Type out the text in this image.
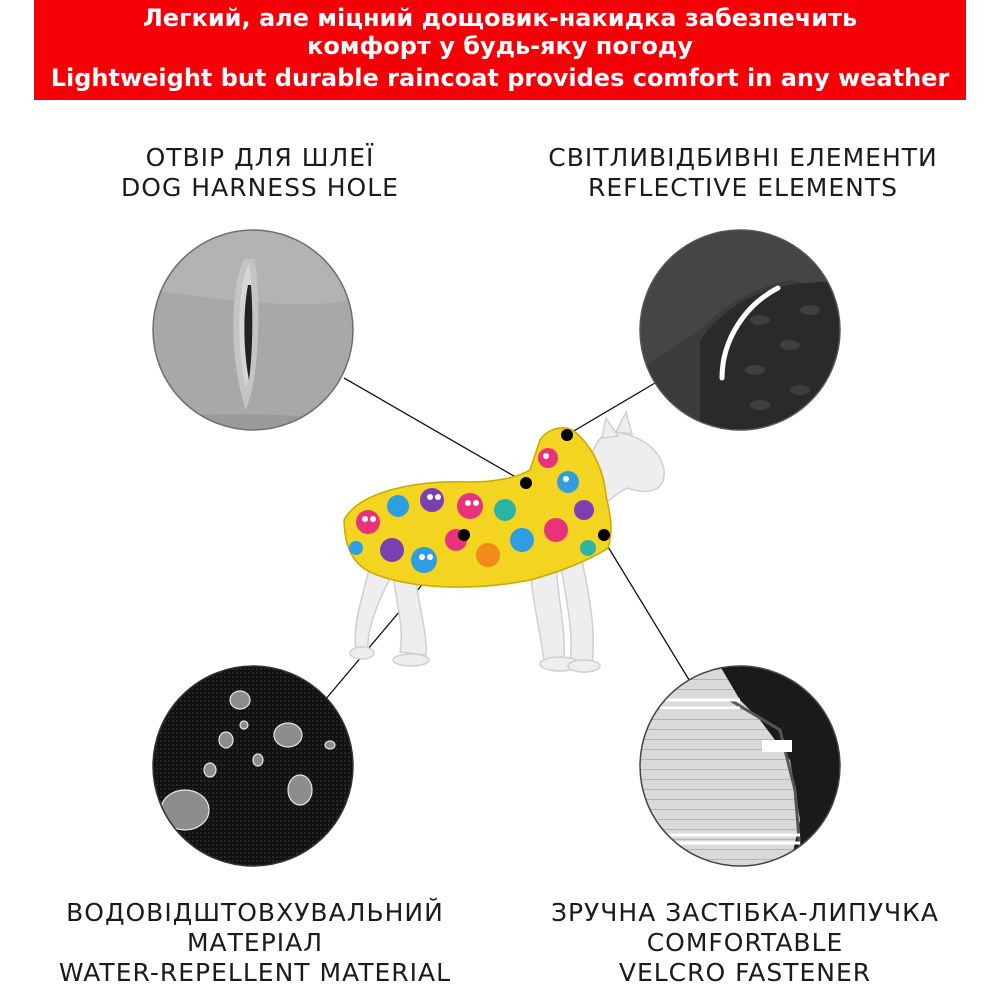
Легкий, але міцний дощовик-накидка забезпечить
комфорт у будь-яку погоду
Lightweight but durable raincoat provides comfort in any weather
ОТВІР ДЛЯ ШЛЕЇ
DOG HARNESS HOLE
СВІТЛИВІДБИВНІ ЕЛЕМЕНТИ
REFLECTIVE ELEMENTS
ВОДОВІДШТОВХУВАЛЬНИЙ
МАТЕРІАЛ
WATER-REPELLENT MATERIAL
ЗРУЧНА ЗАСТІБКА-ЛИПУЧКА
COMFORTABLE
VELCRO FASTENER
